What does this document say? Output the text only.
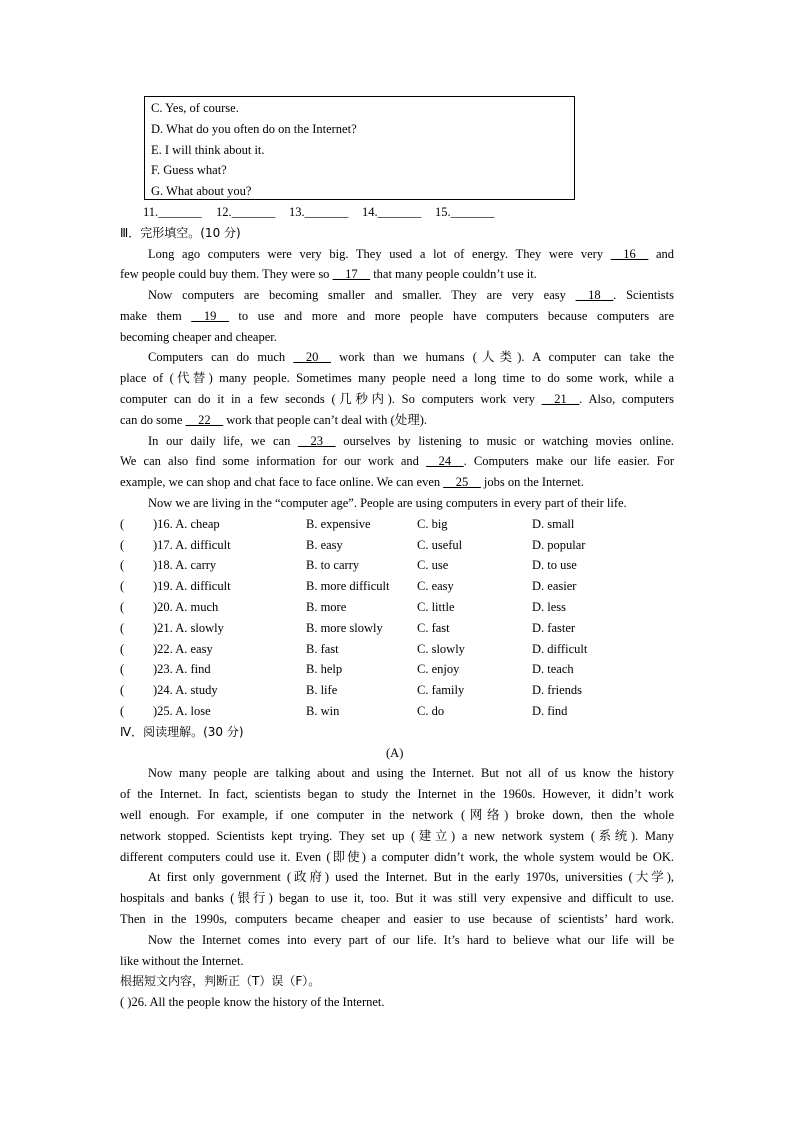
C. Yes, of course.
D. What do you often do on the Internet?
E. I will think about it.
F. Guess what?
G. What about you?
11._______ 12._______ 13._______ 14._______ 15._______
Ⅲ．完形填空。(10 分)
Long ago computers were very big. They used a lot of energy. They were very __16__ and
few people could buy them. They were so __17__ that many people couldn’t use it.
Now computers are becoming smaller and smaller. They are very easy __18__. Scientists
make them __19__ to use and more and more people have computers because computers are
becoming cheaper and cheaper.
Computers can do much __20__ work than we humans (人类). A computer can take the
place of (代替) many people. Sometimes many people need a long time to do some work, while a
computer can do it in a few seconds (几秒内). So computers work very __21__. Also, computers
can do some __22__ work that people can’t deal with (处理).
In our daily life, we can __23__ ourselves by listening to music or watching movies online.
We can also find some information for our work and __24__. Computers make our life easier. For
example, we can shop and chat face to face online. We can even __25__ jobs on the Internet.
Now we are living in the “computer age”. People are using computers in every part of their life.
( )16. A. cheap	B. expensive	C. big	D. small
( )17. A. difficult	B. easy	C. useful	D. popular
( )18. A. carry	B. to carry	C. use	D. to use
( )19. A. difficult	B. more difficult C. easy	D. easier
( )20. A. much	B. more	C. little	D. less
( )21. A. slowly	B. more slowly	C. fast	D. faster
( )22. A. easy	B. fast	C. slowly	D. difficult
( )23. A. find	B. help	C. enjoy	D. teach
( )24. A. study	B. life	C. family	D. friends
( )25. A. lose	B. win	C. do	D. find
Ⅳ．阅读理解。(30 分)
(A)
Now many people are talking about and using the Internet. But not all of us know the history
of the Internet. In fact, scientists began to study the Internet in the 1960s. However, it didn’t work
well enough. For example, if one computer in the network (网络) broke down, then the whole
network stopped. Scientists kept trying. They set up (建立) a new network system (系统). Many
different computers could use it. Even (即使) a computer didn’t work, the whole system would be OK.
At first only government (政府) used the Internet. But in the early 1970s, universities (大学),
hospitals and banks (银行) began to use it, too. But it was still very expensive and difficult to use.
Then in the 1990s, computers became cheaper and easier to use because of scientists’ hard work.
Now the Internet comes into every part of our life. It’s hard to believe what our life will be
like without the Internet.
根据短文内容，判断正（T）误（F）。
( )26. All the people know the history of the Internet.
